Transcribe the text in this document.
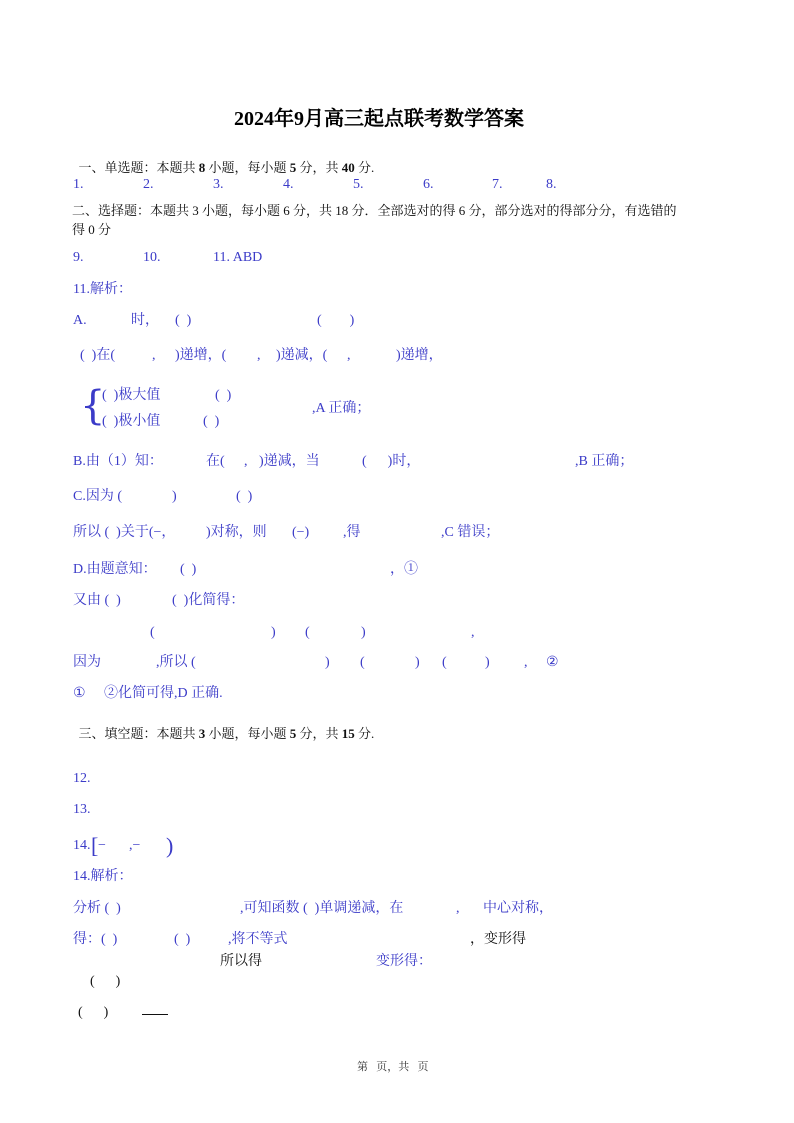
2024年9月高三起点联考数学答案

一、单选题：本题共 8 小题，每小题 5 分，共 40 分.

1.	2.	3.	4.	5.	6.	7.	8.
二、选择题：本题共 3 小题，每小题 6 分，共 18 分．全部选对的得 6 分，部分选对的得部分分，有选错的
得 0 分
9.	10.	11. ABD
11.解析：
A.	时， (  )	(        )
(  )在(	, )递增，( , )递减，( ,	)递增，
{
(  )极大值	(  )
(  )极小值	(  )
,A 正确；
B.由（1）知：	在( , )递减，当	(      )时，	,B 正确；
C.因为 (	)	(  )
所以 (  )关于(−， )对称，则 (−) ,得	,C 错误；
D.由题意知： (  )	，①
又由 (  )	(  )化简得：
(	) (	)	,
因为	,所以 (	) (	) (	) , ②
① ②化简可得,D 正确.

三、填空题：本题共 3 小题，每小题 5 分，共 15 分.

12.
13.
14. [ − ,− )
14.解析：
分析 (  )	,可知函数 (  )单调递减，在	, 中心对称，
得：(  )	(  )	,将不等式	，变形得
所以得	变形得：
(      )
(      )
第   页，共   页
